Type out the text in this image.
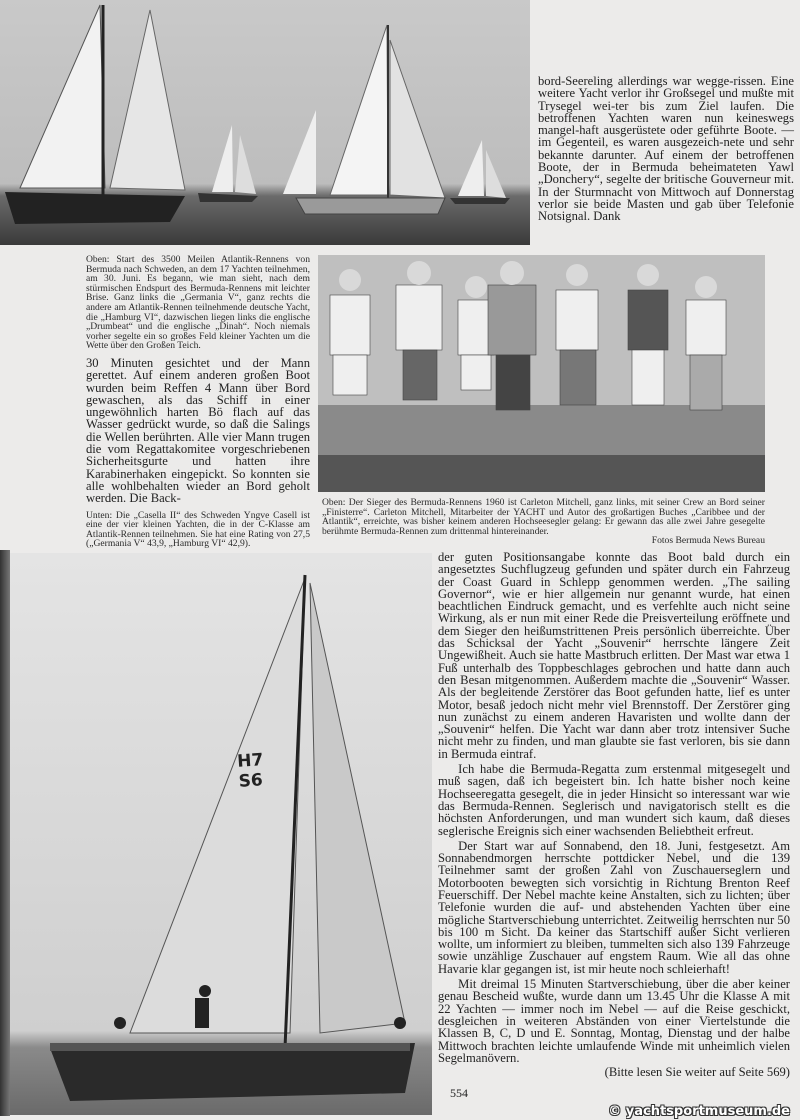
bord-Seereling allerdings war wegge-rissen. Eine weitere Yacht verlor ihr Großsegel und mußte mit Trysegel wei-ter bis zum Ziel laufen. Die betroffenen Yachten waren nun keineswegs mangel-haft ausgerüstete oder geführte Boote. — im Gegenteil, es waren ausgezeich-nete und sehr bekannte darunter. Auf einem der betroffenen Boote, der in Bermuda beheimateten Yawl „Doncheгy“, segelte der britische Gouverneur mit. In der Sturmnacht von Mittwoch auf Donnerstag verlor sie beide Masten und gab über Telefonie Notsignal. Dank

Oben: Start des 3500 Meilen Atlantik-Rennens von Bermuda nach Schweden, an dem 17 Yachten teilnehmen, am 30. Juni. Es begann, wie man sieht, nach dem stürmischen Endspurt des Bermuda-Rennens mit leichter Brise. Ganz links die „Germania V“, ganz rechts die andere am Atlantik-Rennen teilnehmende deutsche Yacht, die „Hamburg VI“, dazwischen liegen links die englische „Drumbeat“ und die englische „Dinah“. Noch niemals vorher segelte ein so großes Feld kleiner Yachten um die Wette über den Großen Teich.

30 Minuten gesichtet und der Mann gerettet. Auf einem anderen großen Boot wurden beim Reffen 4 Mann über Bord gewaschen, als das Schiff in einer ungewöhnlich harten Bö flach auf das Wasser gedrückt wurde, so daß die Salings die Wellen berührten. Alle vier Mann trugen die vom Regattakomitee vorgeschriebenen Sicherheitsgurte und hatten ihre Karabinerhaken eingepickt. So konnten sie alle wohlbehalten wieder an Bord geholt werden. Die Back-

Unten: Die „Casella II“ des Schweden Yngve Casell ist eine der vier kleinen Yachten, die in der C-Klasse am Atlantik-Rennen teilnehmen. Sie hat eine Rating von 27,5 („Germania V“ 43,9, „Hamburg VI“ 42,9).
H7
S6
Oben: Der Sieger des Bermuda-Rennens 1960 ist Carleton Mitchell, ganz links, mit seiner Crew an Bord seiner „Finisterre“. Carleton Mitchell, Mitarbeiter der YACHT und Autor des großartigen Buches „Caribbee und der Atlantik“, erreichte, was bisher keinem anderen Hochseesegler gelang: Er gewann das alle zwei Jahre gesegelte berühmte Bermuda-Rennen zum drittenmal hintereinander.
Fotos Bermuda News Bureau

der guten Positionsangabe konnte das Boot bald durch ein angesetztes Suchflugzeug gefunden und später durch ein Fahrzeug der Coast Guard in Schlepp genommen werden. „The sailing Governor“, wie er hier allgemein nur genannt wurde, hat einen beachtlichen Eindruck gemacht, und es verfehlte auch nicht seine Wirkung, als er nun mit einer Rede die Preisverteilung eröffnete und dem Sieger den heißumstrittenen Preis persönlich überreichte. Über das Schicksal der Yacht „Souvenir“ herrschte längere Zeit Ungewißheit. Auch sie hatte Mastbruch erlitten. Der Mast war etwa 1 Fuß unterhalb des Toppbeschlages gebrochen und hatte dann auch den Besan mitgenommen. Außerdem machte die „Souvenir“ Wasser. Als der begleitende Zerstörer das Boot gefunden hatte, lief es unter Motor, besaß jedoch nicht mehr viel Brennstoff. Der Zerstörer ging nun zunächst zu einem anderen Havaristen und wollte dann der „Souvenir“ helfen. Die Yacht war dann aber trotz intensiver Suche nicht mehr zu finden, und man glaubte sie fast verloren, bis sie dann in Bermuda eintraf.

Ich habe die Bermuda-Regatta zum erstenmal mitgesegelt und muß sagen, daß ich begeistert bin. Ich hatte bisher noch keine Hochseeregatta gesegelt, die in jeder Hinsicht so interessant war wie das Bermuda-Rennen. Seglerisch und navigatorisch stellt es die höchsten Anforderungen, und man wundert sich kaum, daß dieses seglerische Ereignis sich einer wachsenden Beliebtheit erfreut.

Der Start war auf Sonnabend, den 18. Juni, festgesetzt. Am Sonnabendmorgen herrschte pottdicker Nebel, und die 139 Teilnehmer samt der großen Zahl von Zuschauerseglern und Motorbooten bewegten sich vorsichtig in Richtung Brenton Reef Feuerschiff. Der Nebel machte keine Anstalten, sich zu lichten; über Telefonie wurden die auf- und abstehenden Yachten über eine mögliche Startverschiebung unterrichtet. Zeitweilig herrschten nur 50 bis 100 m Sicht. Da keiner das Startschiff außer Sicht verlieren wollte, um informiert zu bleiben, tummelten sich also 139 Fahrzeuge sowie unzählige Zuschauer auf engstem Raum. Wie all das ohne Havarie klar gegangen ist, ist mir heute noch schleierhaft!

Mit dreimal 15 Minuten Startverschiebung, über die aber keiner genau Bescheid wußte, wurde dann um 13.45 Uhr die Klasse A mit 22 Yachten — immer noch im Nebel — auf die Reise geschickt, desgleichen in weiteren Abständen von einer Viertelstunde die Klassen B, C, D und E. Sonntag, Montag, Dienstag und der halbe Mittwoch brachten leichte umlaufende Winde mit unheimlich vielen Segelmanövern.

(Bitte lesen Sie weiter auf Seite 569)

554
© yachtsportmuseum.de
